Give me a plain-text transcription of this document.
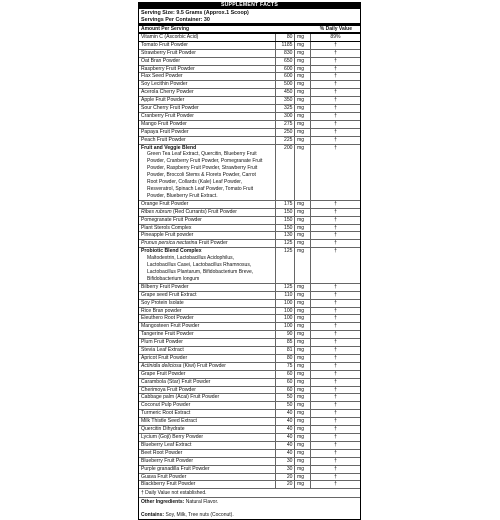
SUPPLEMENT FACTS
Serving Size: 9.5 Grams (Approx.1 Scoop)
Servings Per Container: 30
Amount Per Serving	% Daily Value
Vitamin C (Ascorbic Acid)	80 mg	89%
Tomato Fruit Powder	1185 mg	†
Strawberry Fruit Powder	830 mg	†
Oat Bran Powder	650 mg	†
Raspberry Fruit Powder	600 mg	†
Flax Seed Powder	600 mg	†
Soy Lecithin Powder	500 mg	†
Acerola Cherry Powder	450 mg	†
Apple Fruit Powder	350 mg	†
Sour Cherry Fruit Powder	325 mg	†
Cranberry Fruit Powder	300 mg	†
Mango Fruit Powder	275 mg	†
Papaya Fruit Powder	250 mg	†
Peach Fruit Powder	225 mg	†
Fruit and Veggie Blend
Green Tea Leaf Extract, Quercitin, Blueberry Fruit
Powder, Cranberry Fruit Powder, Pomegranate Fruit
Powder, Raspberry Fruit Powder, Strawberry Fruit
Powder, Broccoli Stems & Florets Powder, Carrot
Root Powder, Collards (Kale) Leaf Powder,
Resveratrol, Spinach Leaf Powder, Tomato Fruit
Powder, Blueberry Fruit Extract.
200 mg	†
Orange Fruit Powder	175 mg	†
Ribes rubrum (Red Currants) Fruit Powder	150 mg	†
Pomegranate Fruit Powder	150 mg	†
Plant Sterols Complex	150 mg	†
Pineapple Fruit powder	130 mg	†
Prunus persica nectarina Fruit Powder	125 mg	†
Probiotic Blend Complex
Maltodextrin, Lactobacillus Acidophilus,
Lactobacillus Casei, Lactobacillus Rhamnosus,
Lactobacillus Plantarum, Bifidobacterium Breve,
Bifidobacterium longum
125 mg	†
Bilberry Fruit Powder	125 mg	†
Grape seed Fruit Extract	110 mg	†
Soy Protein Isolate	100 mg	†
Rice Bran powder	100 mg	†
Eleuthero Root Powder	100 mg	†
Mangosteen Fruit Powder	100 mg	†
Tangerine Fruit Powder	90 mg	†
Plum Fruit Powder	85 mg	†
Stevia Leaf Extract	81 mg	†
Apricot Fruit Powder	80 mg	†
Actinidia deliciosa (Kiwi) Fruit Powder	75 mg	†
Grape Fruit Powder	60 mg	†
Carambola (Star) Fruit Powder	60 mg	†
Cherimoya Fruit Powder	60 mg	†
Cabbage palm (Acai) Fruit Powder	50 mg	†
Coconut Pulp Powder	50 mg	†
Turmeric Root Extract	40 mg	†
Milk Thistle Seed Extract	40 mg	†
Quercitin Dihydrate	40 mg	†
Lycium (Goji) Berry Powder	40 mg	†
Blueberry Leaf Extract	40 mg	†
Beet Root Powder	40 mg	†
Blueberry Fruit Powder	30 mg	†
Purple granadilla Fruit Powder	30 mg	†
Guava Fruit Powder	20 mg	†
Blackberry Fruit Powder	20 mg	†
† Daily Value not established.
Other Ingredients: Natural Flavor.
Contains: Soy, Milk, Tree nuts (Coconut).
